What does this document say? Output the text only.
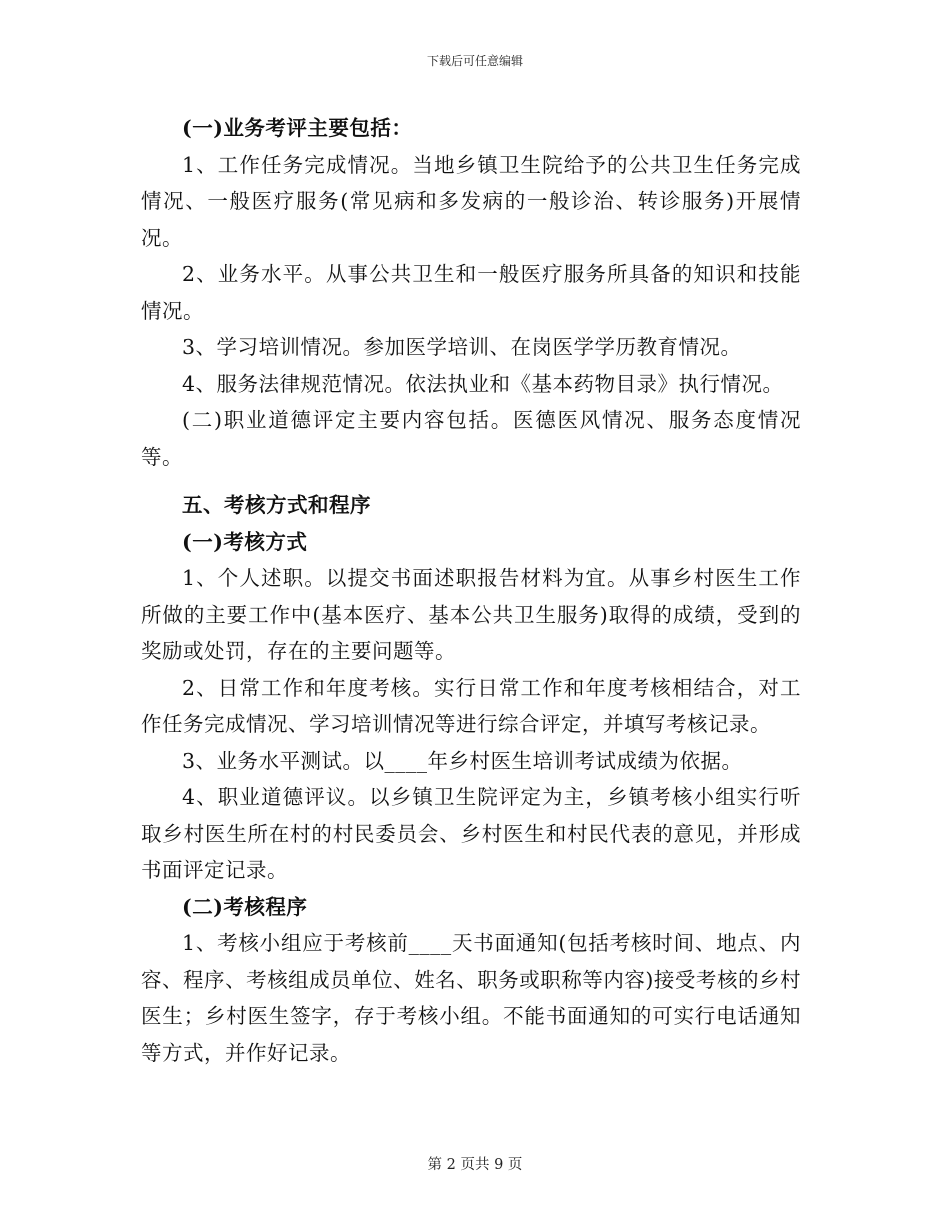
下载后可任意编辑

(一)业务考评主要包括：

1、工作任务完成情况。当地乡镇卫生院给予的公共卫生任务完成情况、一般医疗服务(常见病和多发病的一般诊治、转诊服务)开展情况。

2、业务水平。从事公共卫生和一般医疗服务所具备的知识和技能情况。

3、学习培训情况。参加医学培训、在岗医学学历教育情况。

4、服务法律规范情况。依法执业和《基本药物目录》执行情况。

(二)职业道德评定主要内容包括。医德医风情况、服务态度情况等。

五、考核方式和程序

(一)考核方式

1、个人述职。以提交书面述职报告材料为宜。从事乡村医生工作所做的主要工作中(基本医疗、基本公共卫生服务)取得的成绩，受到的奖励或处罚，存在的主要问题等。

2、日常工作和年度考核。实行日常工作和年度考核相结合，对工作任务完成情况、学习培训情况等进行综合评定，并填写考核记录。

3、业务水平测试。以____年乡村医生培训考试成绩为依据。

4、职业道德评议。以乡镇卫生院评定为主，乡镇考核小组实行听取乡村医生所在村的村民委员会、乡村医生和村民代表的意见，并形成书面评定记录。

(二)考核程序

1、考核小组应于考核前____天书面通知(包括考核时间、地点、内容、程序、考核组成员单位、姓名、职务或职称等内容)接受考核的乡村医生；乡村医生签字，存于考核小组。不能书面通知的可实行电话通知等方式，并作好记录。

第 2 页共 9 页
